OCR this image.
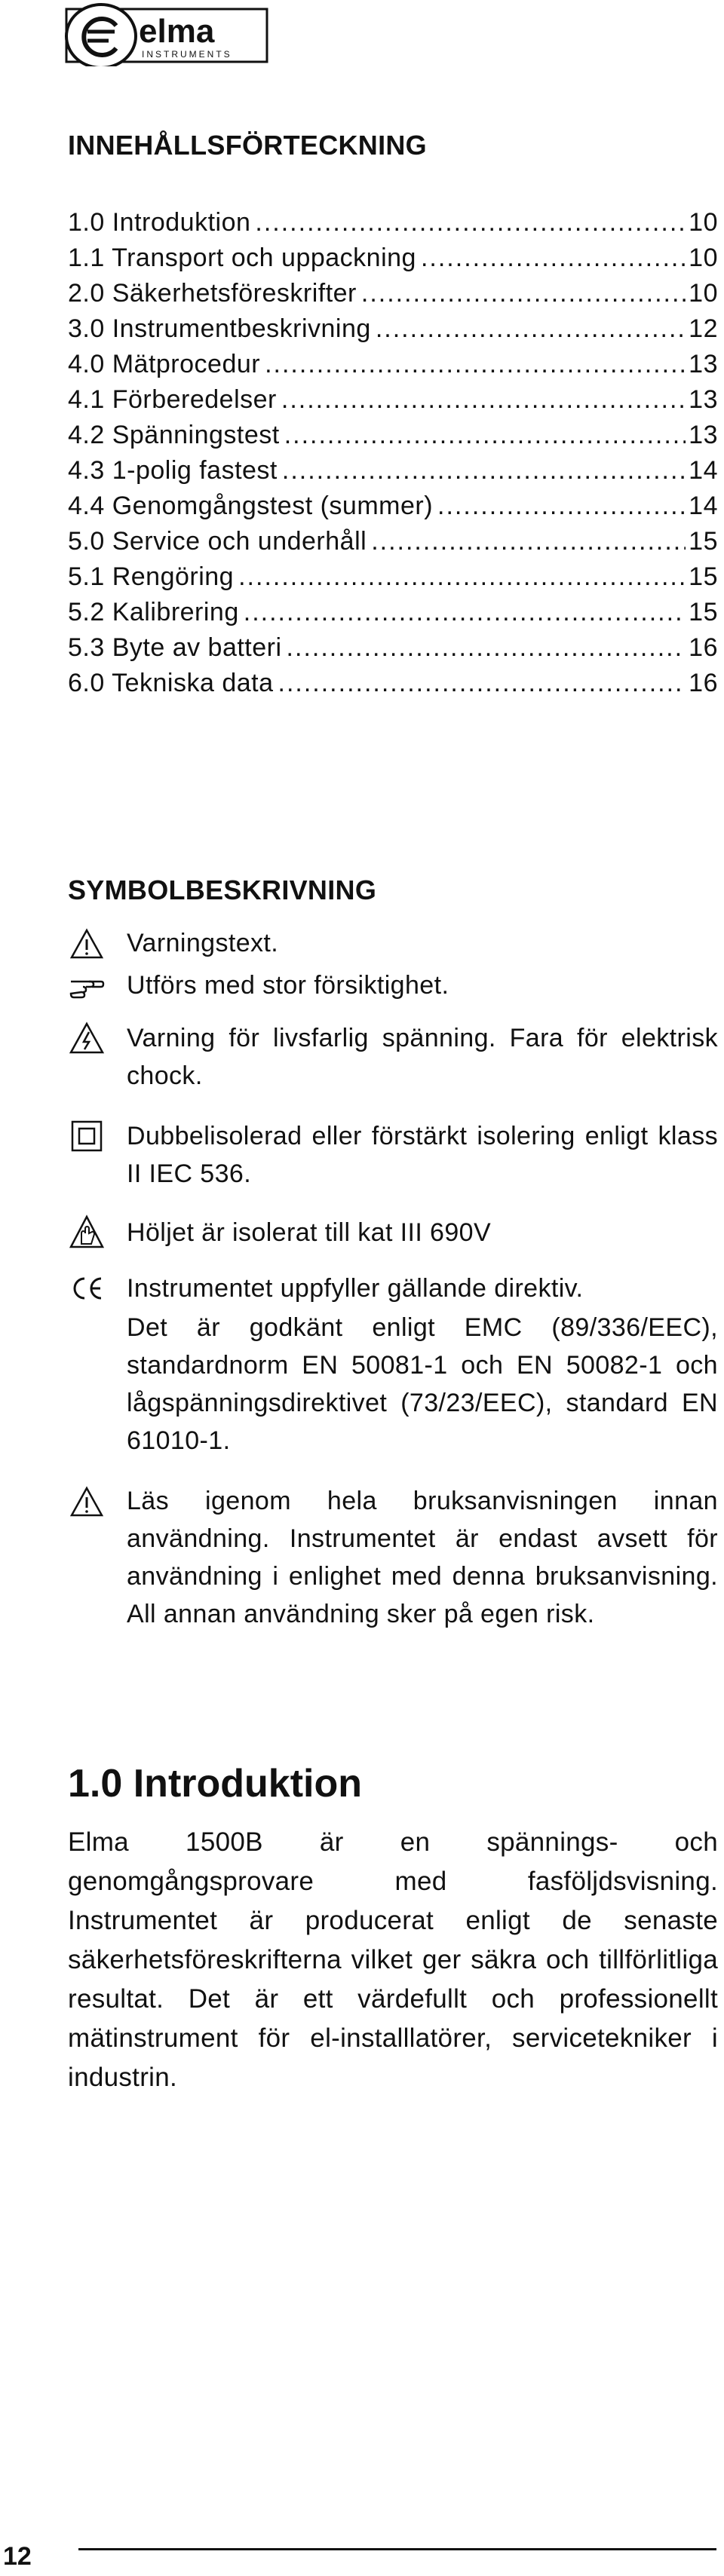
elma
INSTRUMENTS
INNEHÅLLSFÖRTECKNING
1.0 Introduktion .....	10
1.1 Transport och uppackning .....	10
2.0 Säkerhetsföreskrifter .....	10
3.0 Instrumentbeskrivning .....	12
4.0 Mätprocedur .....	13
4.1 Förberedelser .....	13
4.2 Spänningstest .....	13
4.3 1-polig fastest .....	14
4.4 Genomgångstest (summer) .....	14
5.0 Service och underhåll .....	15
5.1 Rengöring .....	15
5.2 Kalibrering .....	15
5.3 Byte av batteri .....	16
6.0 Tekniska data .....	16
SYMBOLBESKRIVNING
Varningstext.
Utförs med stor försiktighet.
Varning för livsfarlig spänning. Fara för elektrisk chock.
Dubbelisolerad eller förstärkt isolering enligt klass II IEC 536.
Höljet är isolerat till kat III 690V
Instrumentet uppfyller gällande direktiv.
Det är godkänt enligt EMC (89/336/EEC), standardnorm EN 50081-1 och EN 50082-1 och lågspänningsdirektivet (73/23/EEC), standard EN 61010-1.
Läs igenom hela bruksanvisningen innan användning. Instrumentet är endast avsett för användning i enlighet med denna bruksanvisning. All annan användning sker på egen risk.
1.0 Introduktion
Elma 1500B är en spännings- och genomgångsprovare med fasföljdsvisning. Instrumentet är producerat enligt de senaste säkerhetsföreskrifterna vilket ger säkra och tillförlitliga resultat. Det är ett värdefullt och professionellt mätinstrument för el-installlatörer, servicetekniker i industrin.
12
